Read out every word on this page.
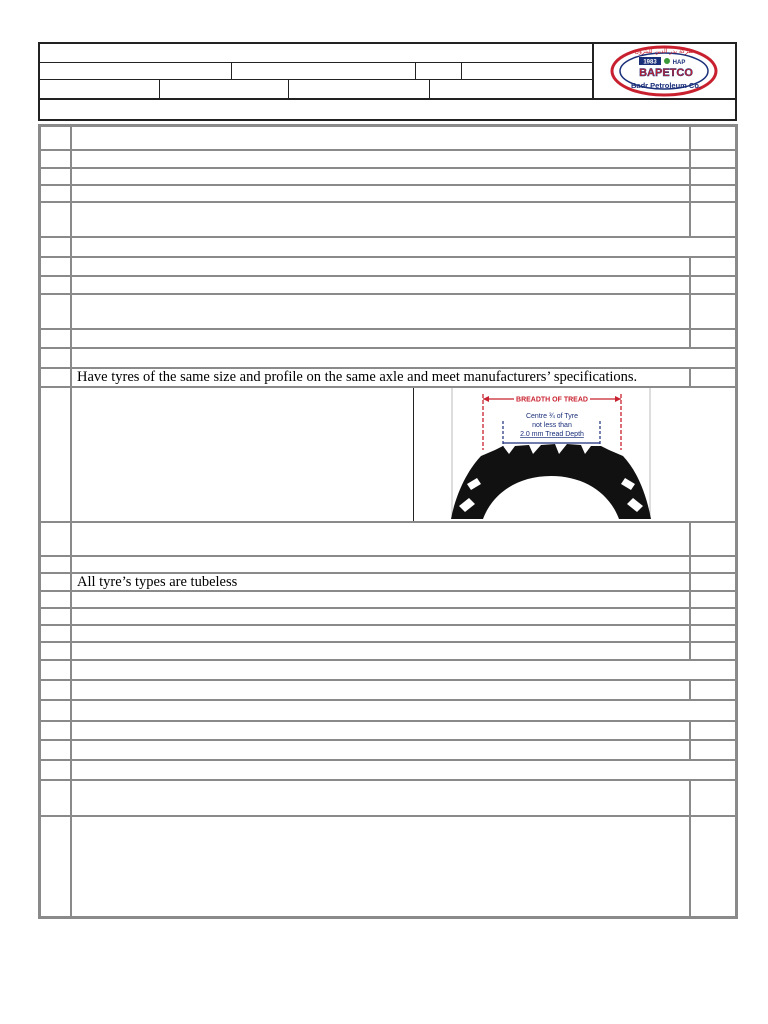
1983	HAP
BAPETCO
Badr Petroleum Co.
شركة بدر الدين للبترول
Have tyres of the same size and profile on the same axle and meet manufacturers’ specifications.
BREADTH OF TREAD
Centre ¾ of Tyre
not less than
2.0 mm Tread Depth
All tyre’s types are tubeless
